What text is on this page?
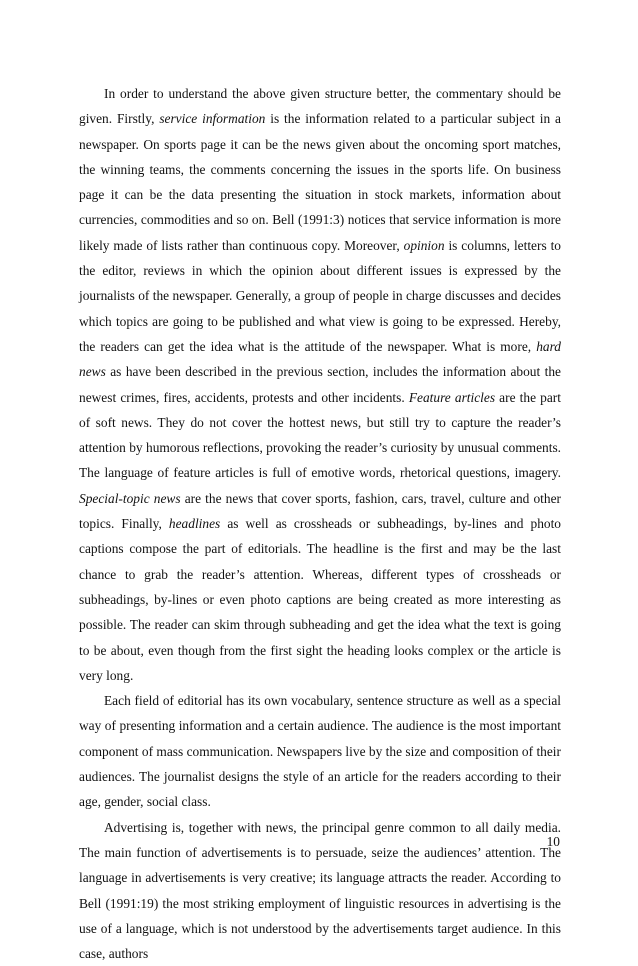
In order to understand the above given structure better, the commentary should be given. Firstly, service information is the information related to a particular subject in a newspaper. On sports page it can be the news given about the oncoming sport matches, the winning teams, the comments concerning the issues in the sports life. On business page it can be the data presenting the situation in stock markets, information about currencies, commodities and so on. Bell (1991:3) notices that service information is more likely made of lists rather than continuous copy. Moreover, opinion is columns, letters to the editor, reviews in which the opinion about different issues is expressed by the journalists of the newspaper. Generally, a group of people in charge discusses and decides which topics are going to be published and what view is going to be expressed. Hereby, the readers can get the idea what is the attitude of the newspaper. What is more, hard news as have been described in the previous section, includes the information about the newest crimes, fires, accidents, protests and other incidents. Feature articles are the part of soft news. They do not cover the hottest news, but still try to capture the reader’s attention by humorous reflections, provoking the reader’s curiosity by unusual comments. The language of feature articles is full of emotive words, rhetorical questions, imagery. Special-topic news are the news that cover sports, fashion, cars, travel, culture and other topics. Finally, headlines as well as crossheads or subheadings, by-lines and photo captions compose the part of editorials. The headline is the first and may be the last chance to grab the reader’s attention. Whereas, different types of crossheads or subheadings, by-lines or even photo captions are being created as more interesting as possible. The reader can skim through subheading and get the idea what the text is going to be about, even though from the first sight the heading looks complex or the article is very long.

Each field of editorial has its own vocabulary, sentence structure as well as a special way of presenting information and a certain audience. The audience is the most important component of mass communication. Newspapers live by the size and composition of their audiences. The journalist designs the style of an article for the readers according to their age, gender, social class.

Advertising is, together with news, the principal genre common to all daily media. The main function of advertisements is to persuade, seize the audiences’ attention. The language in advertisements is very creative; its language attracts the reader. According to Bell (1991:19) the most striking employment of linguistic resources in advertising is the use of a language, which is not understood by the advertisements target audience. In this case, authors

10
